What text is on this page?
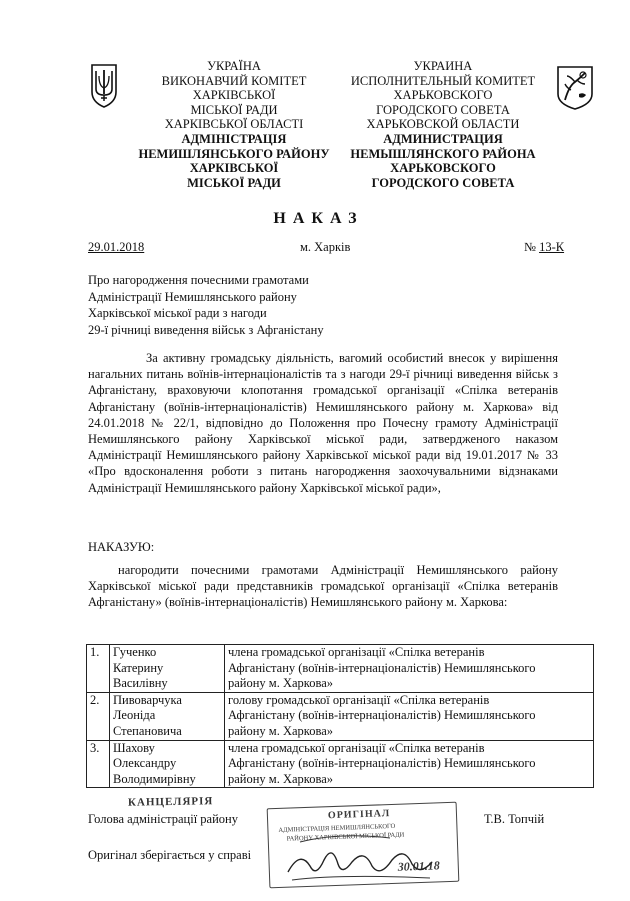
УКРАЇНА
ВИКОНАВЧИЙ КОМІТЕТ
ХАРКІВСЬКОЇ
МІСЬКОЇ РАДИ
ХАРКІВСЬКОЇ ОБЛАСТІ
АДМІНІСТРАЦІЯ
НЕМИШЛЯНСЬКОГО РАЙОНУ
ХАРКІВСЬКОЇ
МІСЬКОЇ РАДИ
УКРАИНА
ИСПОЛНИТЕЛЬНЫЙ КОМИТЕТ
ХАРЬКОВСКОГО
ГОРОДСКОГО СОВЕТА
ХАРЬКОВСКОЙ ОБЛАСТИ
АДМИНИСТРАЦИЯ
НЕМЫШЛЯНСКОГО РАЙОНА
ХАРЬКОВСКОГО
ГОРОДСКОГО СОВЕТА
НАКАЗ
29.01.2018	м. Харків	№ 13-К
Про нагородження почесними грамотами
Адміністрації Немишлянського району
Харківської міської ради з нагоди
29-ї річниці виведення військ з Афганістану
За активну громадську діяльність, вагомий особистий внесок у вирішення нагальних питань воїнів-інтернаціоналістів та з нагоди 29-ї річниці виведення військ з Афганістану, враховуючи клопотання громадської організації «Спілка ветеранів Афганістану (воїнів-інтернаціоналістів) Немишлянського району м. Харкова» від 24.01.2018 № 22/1, відповідно до Положення про Почесну грамоту Адміністрації Немишлянського району Харківської міської ради, затвердженого наказом Адміністрації Немишлянського району Харківської міської ради від 19.01.2017 № 33 «Про вдосконалення роботи з питань нагородження заохочувальними відзнаками Адміністрації Немишлянського району Харківської міської ради»,
НАКАЗУЮ:
нагородити почесними грамотами Адміністрації Немишлянського району Харківської міської ради представників громадської організації «Спілка ветеранів Афганістану» (воїнів-інтернаціоналістів) Немишлянського району м. Харкова:
1.	Гученко
Катерину
Василівну	члена громадської організації «Спілка ветеранів
Афганістану (воїнів-інтернаціоналістів) Немишлянського
району м. Харкова»

2.	Пивоварчука
Леоніда
Степановича	голову громадської організації «Спілка ветеранів
Афганістану (воїнів-інтернаціоналістів) Немишлянського
району м. Харкова»

3.	Шахову
Олександру
Володимирівну	члена громадської організації «Спілка ветеранів
Афганістану (воїнів-інтернаціоналістів) Немишлянського
району м. Харкова»
КАНЦЕЛЯРІЯ
ОРИГІНАЛ
АДМІНІСТРАЦІЯ НЕМИШЛЯНСЬКОГО
РАЙОНУ ХАРКІВСЬКОЇ МІСЬКОЇ РАДИ
30.01.18
Голова адміністрації району	Т.В. Топчій
Оригінал зберігається у справі
